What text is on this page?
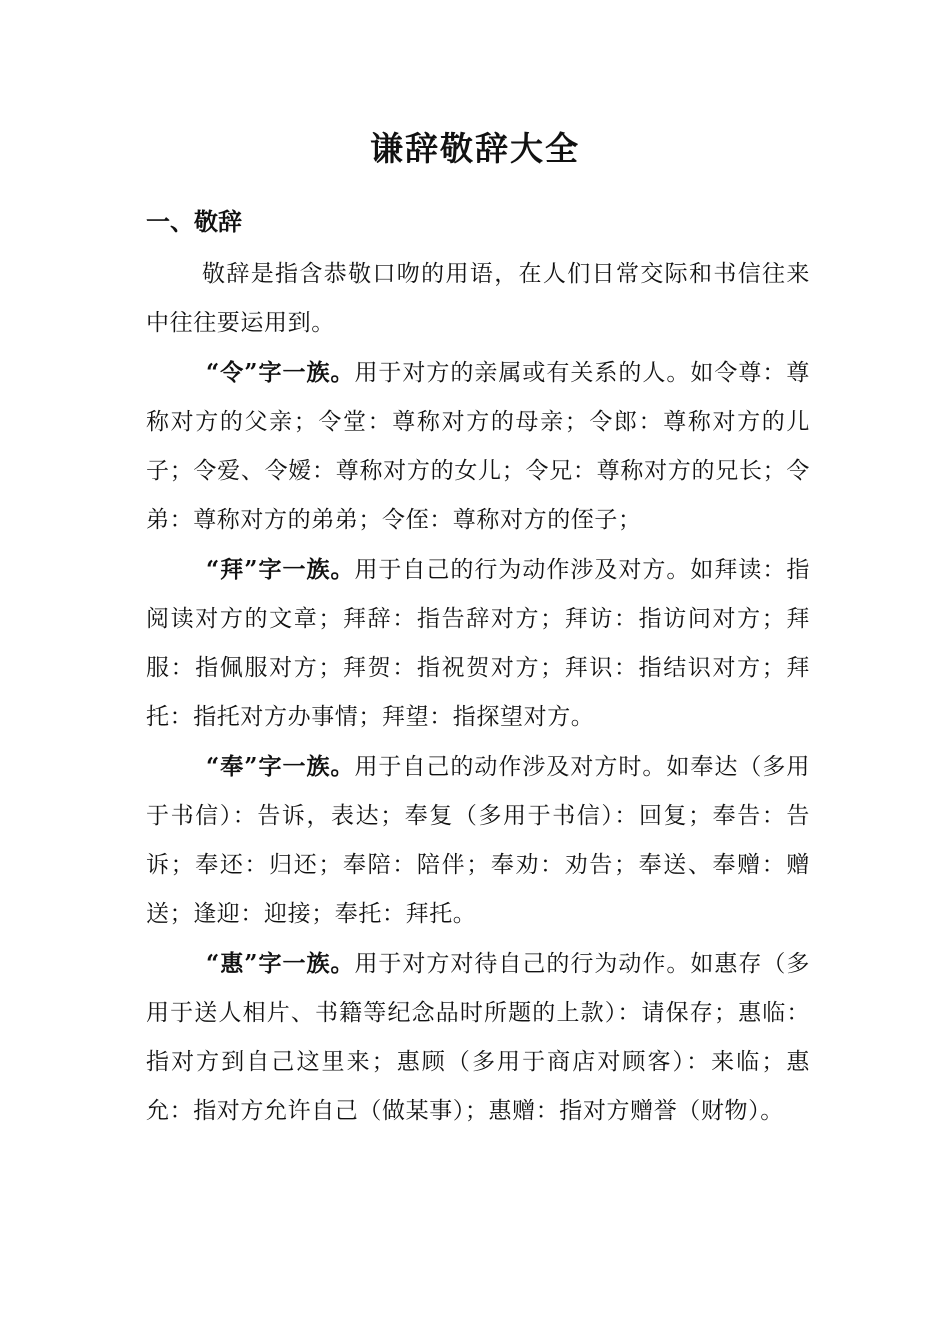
谦辞敬辞大全
一、敬辞

敬辞是指含恭敬口吻的用语，在人们日常交际和书信往来中往往要运用到。

“令”字一族。用于对方的亲属或有关系的人。如令尊：尊称对方的父亲；令堂：尊称对方的母亲；令郎：尊称对方的儿子；令爱、令嫒：尊称对方的女儿；令兄：尊称对方的兄长；令弟：尊称对方的弟弟；令侄：尊称对方的侄子；

“拜”字一族。用于自己的行为动作涉及对方。如拜读：指阅读对方的文章；拜辞：指告辞对方；拜访：指访问对方；拜服：指佩服对方；拜贺：指祝贺对方；拜识：指结识对方；拜托：指托对方办事情；拜望：指探望对方。

“奉”字一族。用于自己的动作涉及对方时。如奉达（多用于书信）：告诉，表达；奉复（多用于书信）：回复；奉告：告诉；奉还：归还；奉陪：陪伴；奉劝：劝告；奉送、奉赠：赠送；逢迎：迎接；奉托：拜托。

“惠”字一族。用于对方对待自己的行为动作。如惠存（多用于送人相片、书籍等纪念品时所题的上款）：请保存；惠临：指对方到自己这里来；惠顾（多用于商店对顾客）：来临；惠允：指对方允许自己（做某事）；惠赠：指对方赠誉（财物）。
